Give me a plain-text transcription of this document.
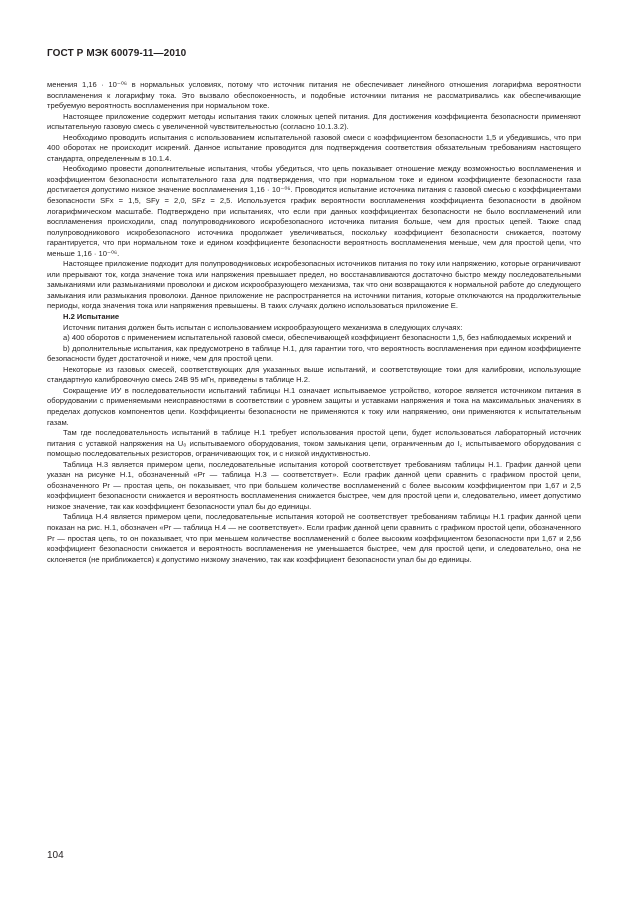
ГОСТ Р МЭК 60079-11—2010

менения 1,16 · 10⁻⁰⁶ в нормальных условиях, потому что источник питания не обеспечивает линейного отношения логарифма вероятности воспламенения к логарифму тока. Это вызвало обеспокоенность, и подобные источники питания не рассматривались как обеспечивающие требуемую вероятность воспламенения при нормальном токе.

Настоящее приложение содержит методы испытания таких сложных цепей питания. Для достижения коэффициента безопасности применяют испытательную газовую смесь с увеличенной чувствительностью (согласно 10.1.3.2).

Необходимо проводить испытания с использованием испытательной газовой смеси с коэффициентом безопасности 1,5 и убедившись, что при 400 оборотах не происходит искрений. Данное испытание проводится для подтверждения соответствия обязательным требованиям настоящего стандарта, определенным в 10.1.4.

Необходимо провести дополнительные испытания, чтобы убедиться, что цепь показывает отношение между возможностью воспламенения и коэффициентом безопасности испытательного газа для подтверждения, что при нормальном токе и едином коэффициенте безопасности газа достигается допустимо низкое значение воспламенения 1,16 · 10⁻⁰⁶. Проводится испытание источника питания с газовой смесью с коэффициентами безопасности SFx = 1,5, SFy = 2,0, SFz = 2,5. Используется график вероятности воспламенения коэффициента безопасности в двойном логарифмическом масштабе. Подтверждено при испытаниях, что если при данных коэффициентах безопасности не было воспламенений или воспламенения происходили, спад полупроводникового искробезопасного источника питания больше, чем для простых цепей. Также спад полупроводникового искробезопасного источника продолжает увеличиваться, поскольку коэффициент безопасности снижается, поэтому гарантируется, что при нормальном токе и едином коэффициенте безопасности вероятность воспламенения меньше, чем для простой цепи, что меньше 1,16 · 10⁻⁰⁶.

Настоящее приложение подходит для полупроводниковых искробезопасных источников питания по току или напряжению, которые ограничивают или прерывают ток, когда значение тока или напряжения превышает предел, но восстанавливаются достаточно быстро между последовательными замыканиями или размыканиями проволоки и диском искрообразующего механизма, так что они возвращаются к нормальной работе до следующего замыкания или размыкания проволоки. Данное приложение не распространяется на источники питания, которые отключаются на продолжительные периоды, когда значения тока или напряжения превышены. В таких случаях должно использоваться приложение Е.

Н.2 Испытание

Источник питания должен быть испытан с использованием искрообразующего механизма в следующих случаях:

a) 400 оборотов с применением испытательной газовой смеси, обеспечивающей коэффициент безопасности 1,5, без наблюдаемых искрений и

b) дополнительные испытания, как предусмотрено в таблице Н.1, для гарантии того, что вероятность воспламенения при едином коэффициенте безопасности будет достаточной и ниже, чем для простой цепи.

Некоторые из газовых смесей, соответствующих для указанных выше испытаний, и соответствующие токи для калибровки, использующие стандартную калибровочную смесь 24В 95 мГн, приведены в таблице Н.2.

Сокращение ИУ в последовательности испытаний таблицы Н.1 означает испытываемое устройство, которое является источником питания в оборудовании с применяемыми неисправностями в соответствии с уровнем защиты и уставками напряжения и тока на максимальных значениях в пределах допусков компонентов цепи. Коэффициенты безопасности не применяются к току или напряжению, они применяются к испытательным газам.

Там где последовательность испытаний в таблице Н.1 требует использования простой цепи, будет использоваться лабораторный источник питания с уставкой напряжения на U₀ испытываемого оборудования, током замыкания цепи, ограниченным до I꜀ испытываемого оборудования с помощью последовательных резисторов, ограничивающих ток, и с низкой индуктивностью.

Таблица Н.3 является примером цепи, последовательные испытания которой соответствует требованиям таблицы Н.1. График данной цепи указан на рисунке Н.1, обозначенный «Pr — таблица Н.3 — соответствует». Если график данной цепи сравнить с графиком простой цепи, обозначенного Pr — простая цепь, он показывает, что при большем количестве воспламенений с более высоким коэффициентом при 1,67 и 2,5 коэффициент безопасности снижается и вероятность воспламенения снижается быстрее, чем для простой цепи и, следовательно, имеет допустимо низкое значение, так как коэффициент безопасности упал бы до единицы.

Таблица Н.4 является примером цепи, последовательные испытания которой не соответствует требованиям таблицы Н.1 график данной цепи показан на рис. Н.1, обозначен «Pr — таблица Н.4 — не соответствует». Если график данной цепи сравнить с графиком простой цепи, обозначенного Pr — простая цепь, то он показывает, что при меньшем количестве воспламенений с более высоким коэффициентом безопасности при 1,67 и 2,56 коэффициент безопасности снижается и вероятность воспламенения не уменьшается быстрее, чем для простой цепи, и следовательно, она не склоняется (не приближается) к допустимо низкому значению, так как коэффициент безопасности упал бы до единицы.

104
